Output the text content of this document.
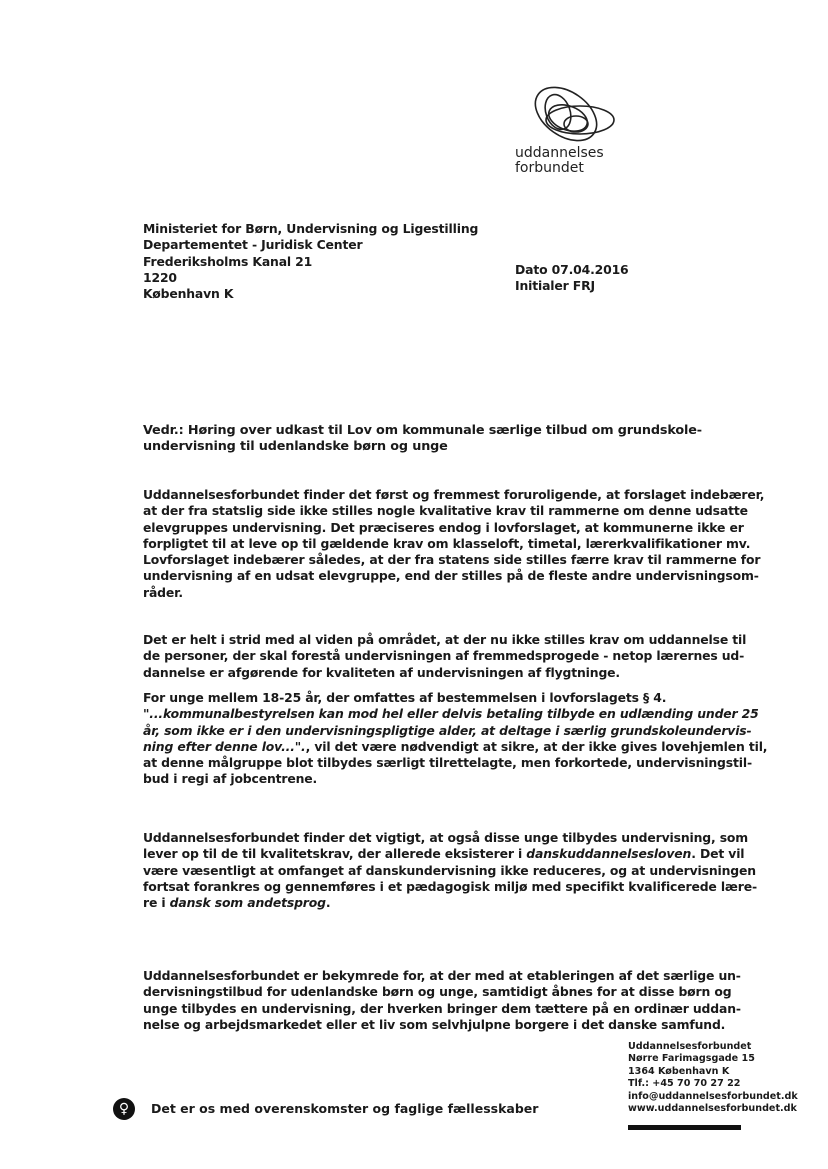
uddannelses
forbundet
Ministeriet for Børn, Undervisning og Ligestilling
Departementet - Juridisk Center
Frederiksholms Kanal 21
1220
København K
Dato 07.04.2016
Initialer FRJ
Vedr.: Høring over udkast til Lov om kommunale særlige tilbud om grundskole-
undervisning til udenlandske børn og unge
Uddannelsesforbundet finder det først og fremmest foruroligende, at forslaget indebærer,
at der fra statslig side ikke stilles nogle kvalitative krav til rammerne om denne udsatte
elevgruppes undervisning. Det præciseres endog i lovforslaget, at kommunerne ikke er
forpligtet til at leve op til gældende krav om klasseloft, timetal, lærerkvalifikationer mv.
Lovforslaget indebærer således, at der fra statens side stilles færre krav til rammerne for
undervisning af en udsat elevgruppe, end der stilles på de fleste andre undervisningsom-
råder.
Det er helt i strid med al viden på området, at der nu ikke stilles krav om uddannelse til
de personer, der skal forestå undervisningen af fremmedsprogede - netop lærernes ud-
dannelse er afgørende for kvaliteten af undervisningen af flygtninge.
For unge mellem 18-25 år, der omfattes af bestemmelsen i lovforslagets § 4.
"...kommunalbestyrelsen kan mod hel eller delvis betaling tilbyde en udlænding under 25
år, som ikke er i den undervisningspligtige alder, at deltage i særlig grundskoleundervis-
ning efter denne lov..."., vil det være nødvendigt at sikre, at der ikke gives lovehjemlen til,
at denne målgruppe blot tilbydes særligt tilrettelagte, men forkortede, undervisningstil-
bud i regi af jobcentrene.
Uddannelsesforbundet finder det vigtigt, at også disse unge tilbydes undervisning, som
lever op til de til kvalitetskrav, der allerede eksisterer i danskuddannelsesloven. Det vil
være væsentligt at omfanget af danskundervisning ikke reduceres, og at undervisningen
fortsat forankres og gennemføres i et pædagogisk miljø med specifikt kvalificerede lære-
re i dansk som andetsprog.
Uddannelsesforbundet er bekymrede for, at der med at etableringen af det særlige un-
dervisningstilbud for udenlandske børn og unge, samtidigt åbnes for at disse børn og
unge tilbydes en undervisning, der hverken bringer dem tættere på en ordinær uddan-
nelse og arbejdsmarkedet eller et liv som selvhjulpne borgere i det danske samfund.
Uddannelsesforbundet
Nørre Farimagsgade 15
1364 København K
Tlf.: +45 70 70 27 22
info@uddannelsesforbundet.dk
www.uddannelsesforbundet.dk
♀	Det er os med overenskomster og faglige fællesskaber
